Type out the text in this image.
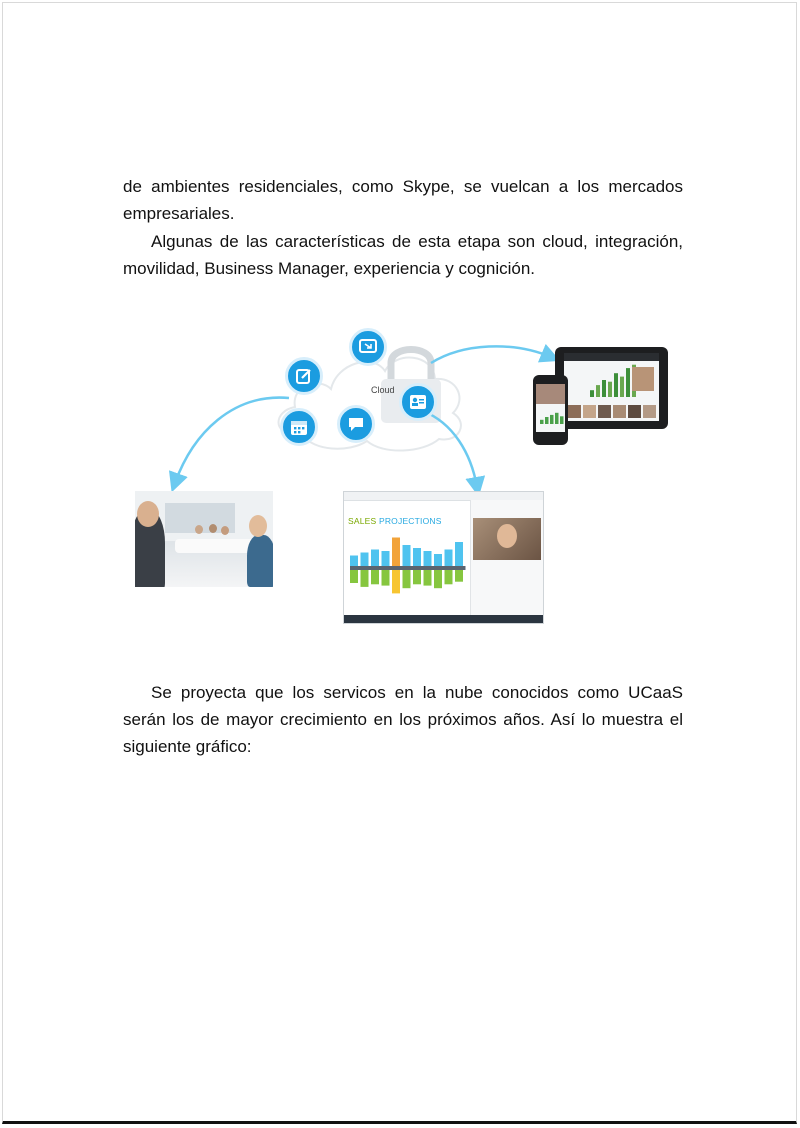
de ambientes residenciales, como Skype, se vuelcan a los mercados empresariales.

Algunas de las características de esta etapa son cloud, integración, movilidad, Business Manager, experiencia y cognición.

Cloud
SALES PROJECTIONS

Se proyecta que los servicos en la nube conocidos como UCaaS serán los de mayor crecimiento en los próximos años. Así lo muestra el siguiente gráfico:
